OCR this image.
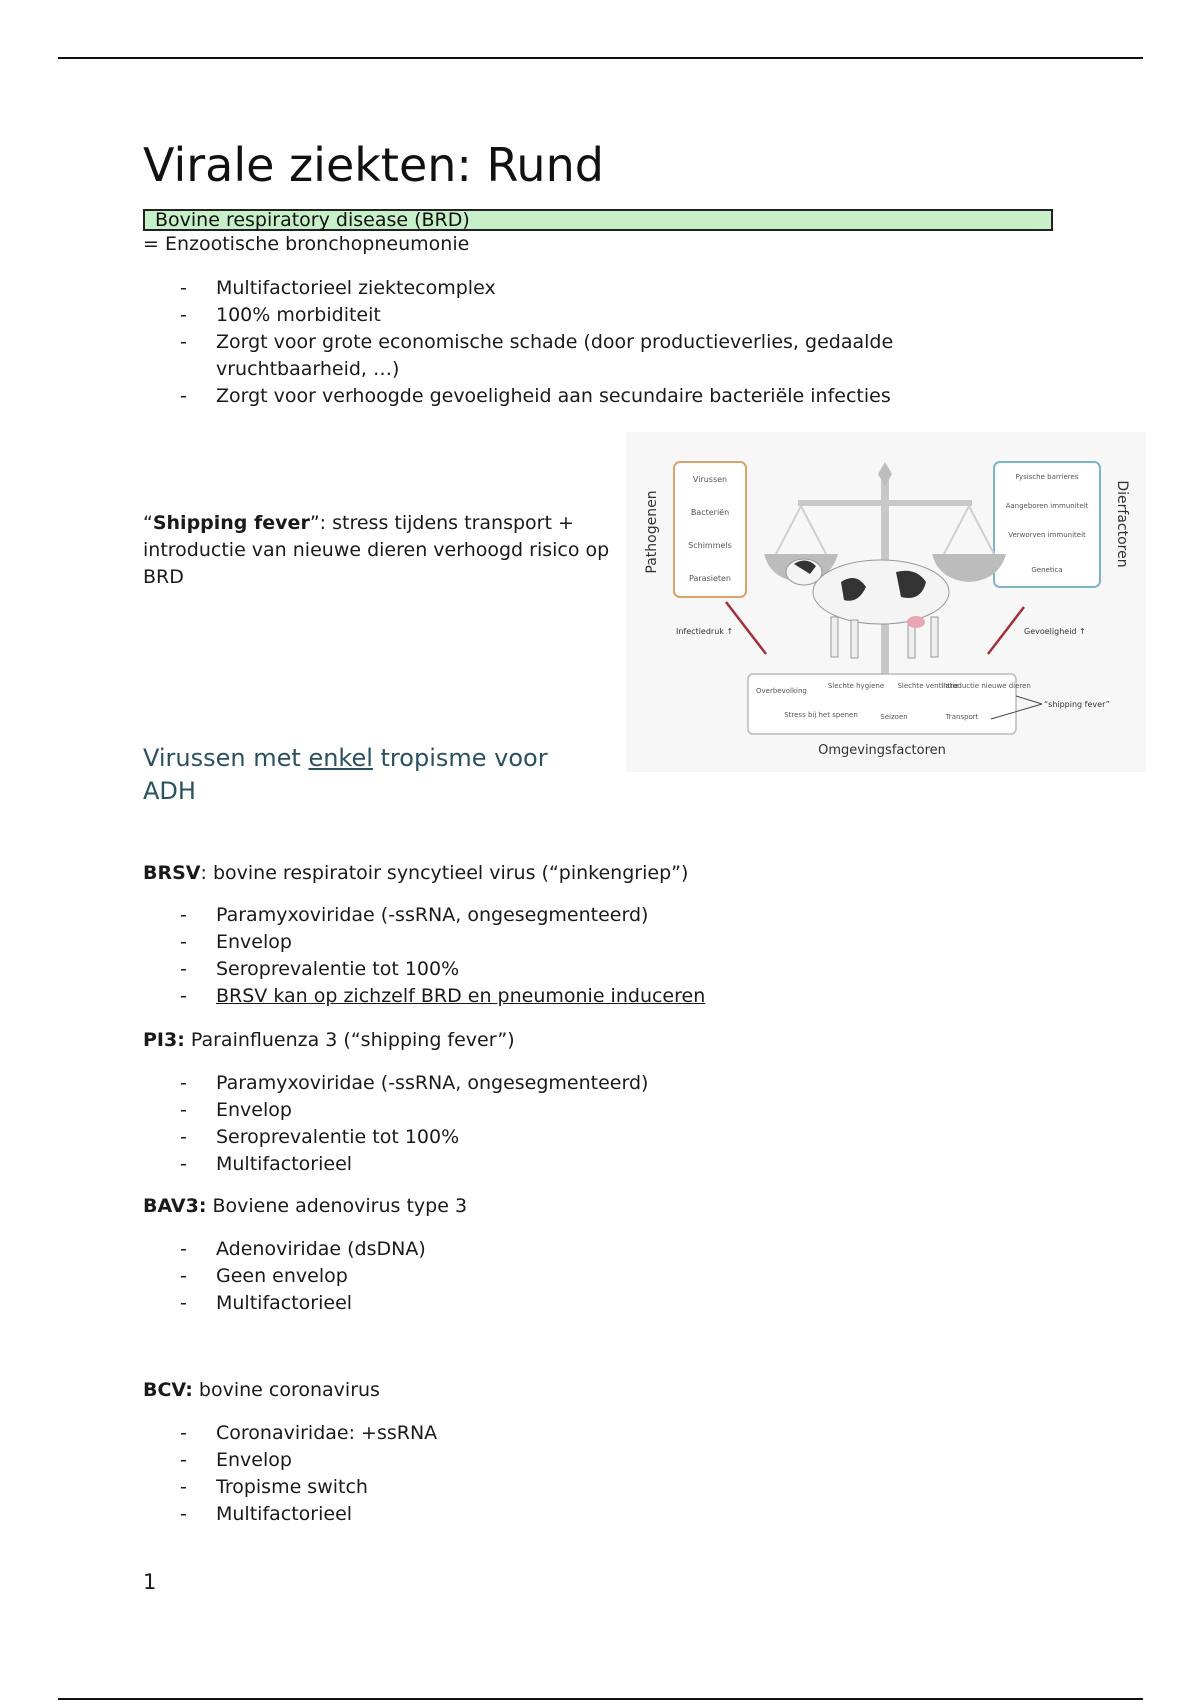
Virale ziekten: Rund
Bovine respiratory disease (BRD)
= Enzootische bronchopneumonie
-	Multifactorieel ziektecomplex
-	100% morbiditeit
-	Zorgt voor grote economische schade (door productieverlies, gedaalde
vruchtbaarheid, …)
-	Zorgt voor verhoogde gevoeligheid aan secundaire bacteriële infecties
“Shipping fever”: stress tijdens transport + introductie van nieuwe dieren verhoogd risico op BRD
Pathogenen
Virussen
Bacteriën
Schimmels
Parasieten
Fysische barrieres
Aangeboren immuniteit
Verworven immuniteit
Genetica
Dierfactoren
Infectiedruk ↑	Gevoeligheid ↑
Overbevolking
Slechte hygiene Slechte ventilatie
Introductie nieuwe dieren
Stress bij het spenen	Seizoen	Transport
“shipping fever”
Omgevingsfactoren
Virussen met enkel tropisme voor ADH
BRSV: bovine respiratoir syncytieel virus (“pinkengriep”)
-	Paramyxoviridae (-ssRNA, ongesegmenteerd)
-	Envelop
-	Seroprevalentie tot 100%
-	BRSV kan op zichzelf BRD en pneumonie induceren
PI3: Parainfluenza 3 (“shipping fever”)
-	Paramyxoviridae (-ssRNA, ongesegmenteerd)
-	Envelop
-	Seroprevalentie tot 100%
-	Multifactorieel
BAV3: Boviene adenovirus type 3
-	Adenoviridae (dsDNA)
-	Geen envelop
-	Multifactorieel
BCV: bovine coronavirus
-	Coronaviridae: +ssRNA
-	Envelop
-	Tropisme switch
-	Multifactorieel
1
